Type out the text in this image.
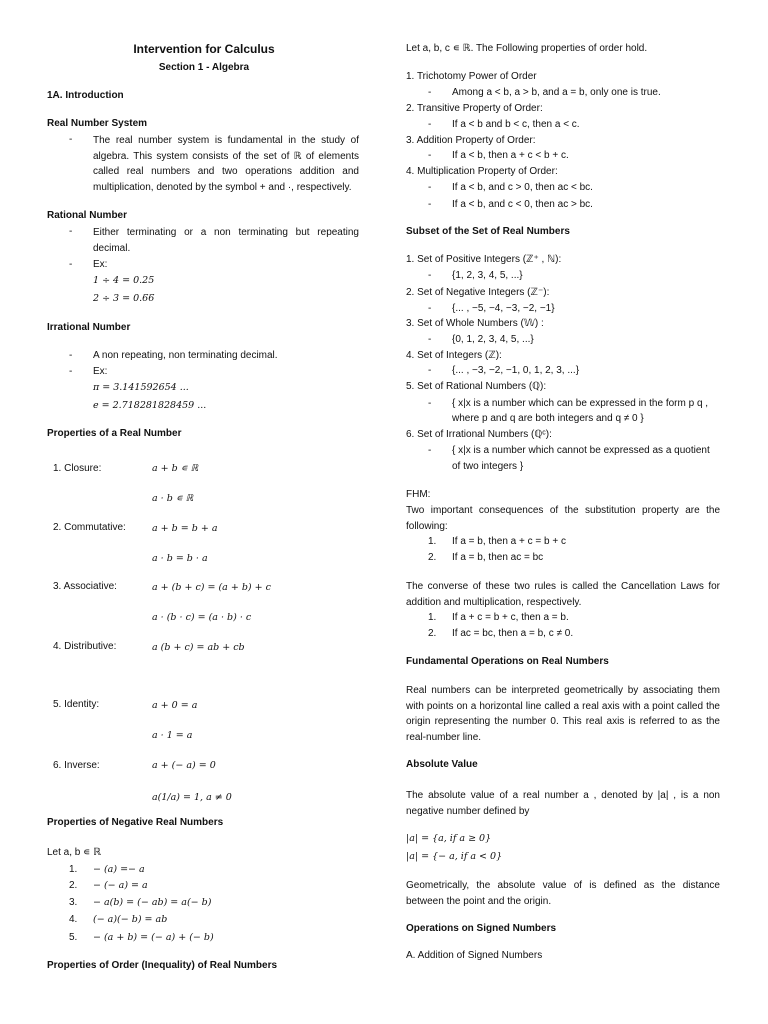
Intervention for Calculus
Section 1 - Algebra
1A. Introduction
Real Number System
- The real number system is fundamental in the study of
algebra. This system consists of the set of ℝ of elements
called real numbers and two operations addition and
multiplication, denoted by the symbol + and ·, respectively.
Rational Number
- Either terminating or a non terminating but repeating
decimal.
- Ex:
1 ÷ 4 = 0.25
2 ÷ 3 = 0.6̅6̅
Irrational Number
- A non repeating, non terminating decimal.
- Ex:
π = 3.141592654 ...
e = 2.718281828459 ...
Properties of a Real Number
1. Closure:	a + b ∊ ℝ
a · b ∊ ℝ
2. Commutative:	a + b = b + a
a · b = b · a
3. Associative:	a + (b + c) = (a + b) + c
a · (b · c) = (a · b) · c
4. Distributive:	a (b + c) = ab + cb
5. Identity:	a + 0 = a
a · 1 = a
6. Inverse:	a + (− a) = 0
a(1/a) = 1, a ≠ 0
Properties of Negative Real Numbers
Let a, b ∊ ℝ
1. − (a) =− a
2. − (− a) = a
3. − a(b) = (− ab) = a(− b)
4. (− a)(− b) = ab
5. − (a + b) = (− a) + (− b)
Properties of Order (Inequality) of Real Numbers
Let a, b, c ∊ ℝ. The Following properties of order hold.
1. Trichotomy Power of Order
- Among a < b, a > b, and a = b, only one is true.
2. Transitive Property of Order:
- If a < b and b < c, then a < c.
3. Addition Property of Order:
- If a < b, then a + c < b + c.
4. Multiplication Property of Order:
- If a < b, and c > 0, then ac < bc.
- If a < b, and c < 0, then ac > bc.
Subset of the Set of Real Numbers
1. Set of Positive Integers (ℤ⁺ , ℕ):
- {1, 2, 3, 4, 5, ...}
2. Set of Negative Integers (ℤ⁻):
- {... , −5, −4, −3, −2, −1}
3. Set of Whole Numbers (𝕎) :
- {0, 1, 2, 3, 4, 5, ...}
4. Set of Integers (ℤ):
- {... , −3, −2, −1, 0, 1, 2, 3, ...}
5. Set of Rational Numbers (ℚ):
- { x|x is a number which can be expressed in the form p q ,
where p and q are both integers and q ≠ 0 }
6. Set of Irrational Numbers (ℚᶜ):
- { x|x is a number which cannot be expressed as a quotient
of two integers }
FHM:
Two important consequences of the substitution property are the
following:
1. If a = b, then a + c = b + c
2. If a = b, then ac = bc
The converse of these two rules is called the Cancellation Laws for
addition and multiplication, respectively.
1. If a + c = b + c, then a = b.
2. If ac = bc, then a = b, c ≠ 0.
Fundamental Operations on Real Numbers
Real numbers can be interpreted geometrically by associating them
with points on a horizontal line called a real axis with a point called the
origin representing the number 0. This real axis is referred to as the
real-number line.
Absolute Value
The absolute value of a real number a , denoted by |a| , is a non
negative number defined by
|a| = {a, if a ≥ 0}
|a| = {− a, if a < 0}
Geometrically, the absolute value of is defined as the distance
between the point and the origin.
Operations on Signed Numbers
A. Addition of Signed Numbers
